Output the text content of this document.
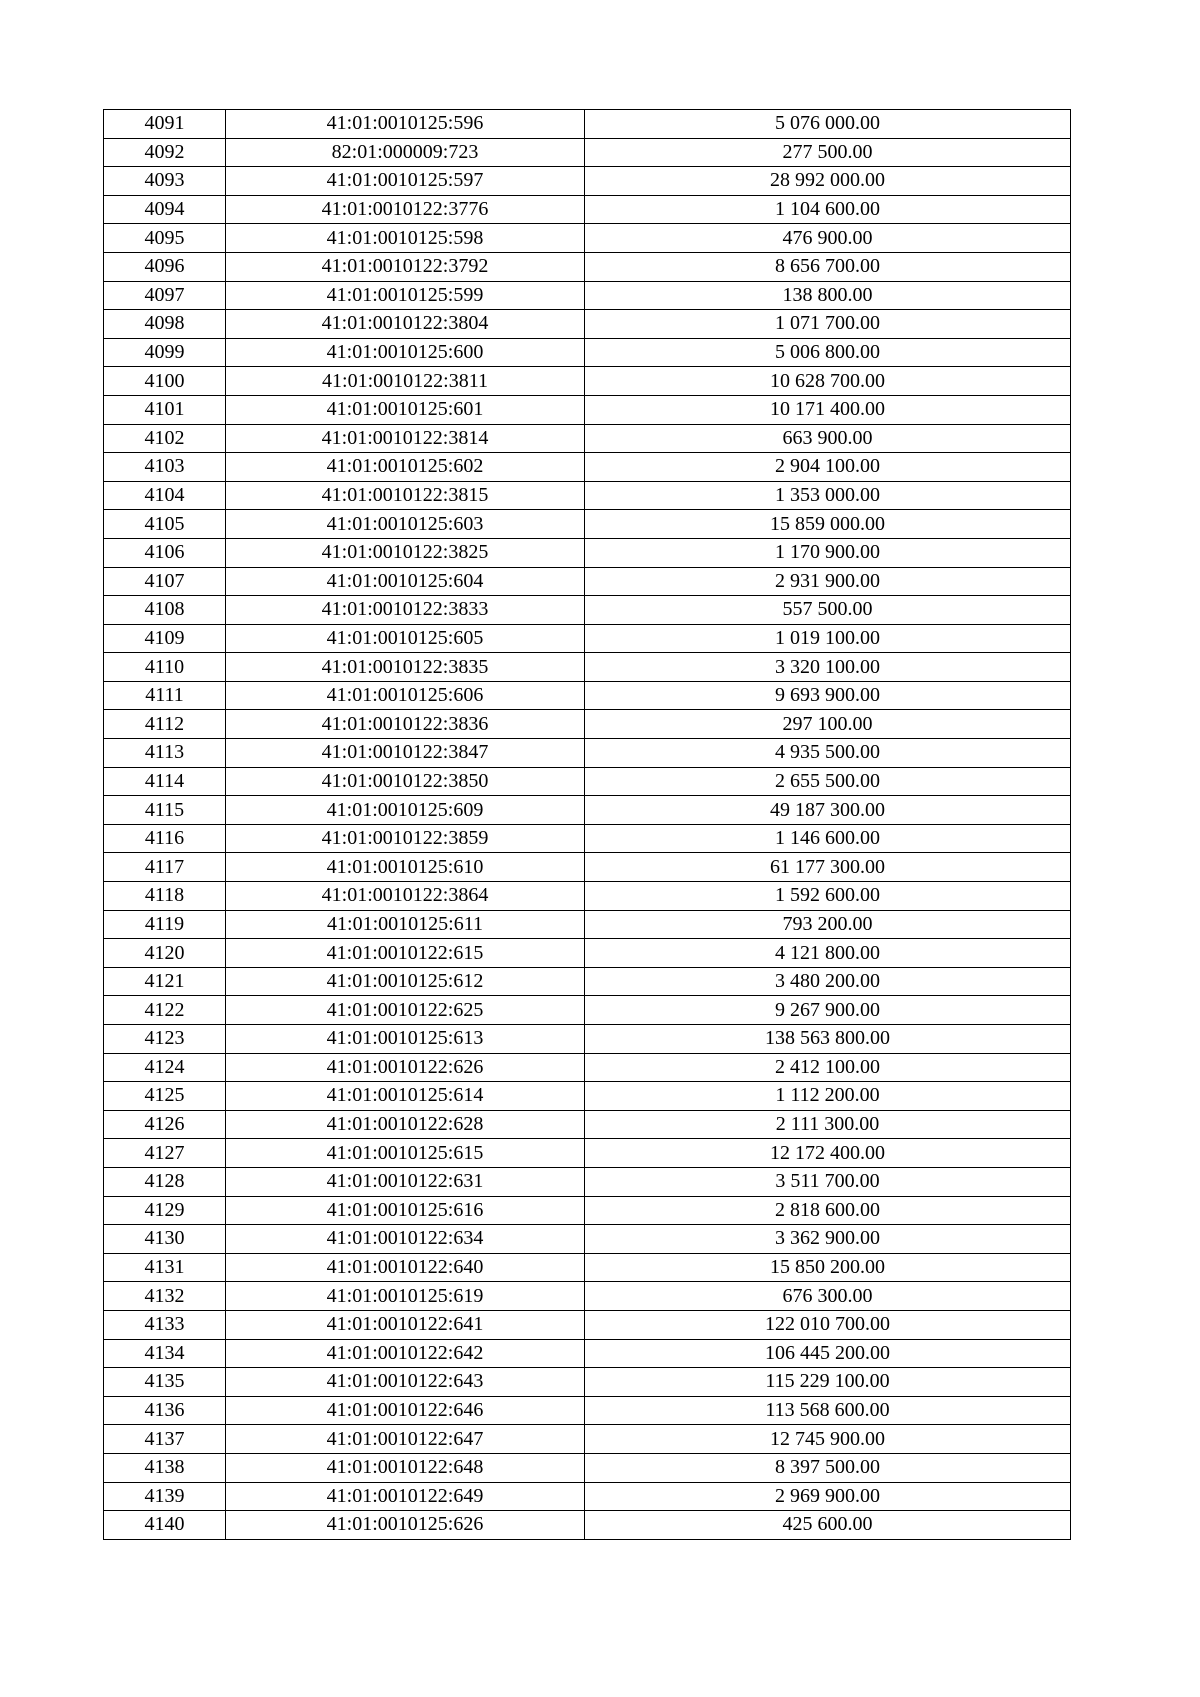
4091	41:01:0010125:596	5 076 000.00
4092	82:01:000009:723	277 500.00
4093	41:01:0010125:597	28 992 000.00
4094	41:01:0010122:3776	1 104 600.00
4095	41:01:0010125:598	476 900.00
4096	41:01:0010122:3792	8 656 700.00
4097	41:01:0010125:599	138 800.00
4098	41:01:0010122:3804	1 071 700.00
4099	41:01:0010125:600	5 006 800.00
4100	41:01:0010122:3811	10 628 700.00
4101	41:01:0010125:601	10 171 400.00
4102	41:01:0010122:3814	663 900.00
4103	41:01:0010125:602	2 904 100.00
4104	41:01:0010122:3815	1 353 000.00
4105	41:01:0010125:603	15 859 000.00
4106	41:01:0010122:3825	1 170 900.00
4107	41:01:0010125:604	2 931 900.00
4108	41:01:0010122:3833	557 500.00
4109	41:01:0010125:605	1 019 100.00
4110	41:01:0010122:3835	3 320 100.00
4111	41:01:0010125:606	9 693 900.00
4112	41:01:0010122:3836	297 100.00
4113	41:01:0010122:3847	4 935 500.00
4114	41:01:0010122:3850	2 655 500.00
4115	41:01:0010125:609	49 187 300.00
4116	41:01:0010122:3859	1 146 600.00
4117	41:01:0010125:610	61 177 300.00
4118	41:01:0010122:3864	1 592 600.00
4119	41:01:0010125:611	793 200.00
4120	41:01:0010122:615	4 121 800.00
4121	41:01:0010125:612	3 480 200.00
4122	41:01:0010122:625	9 267 900.00
4123	41:01:0010125:613	138 563 800.00
4124	41:01:0010122:626	2 412 100.00
4125	41:01:0010125:614	1 112 200.00
4126	41:01:0010122:628	2 111 300.00
4127	41:01:0010125:615	12 172 400.00
4128	41:01:0010122:631	3 511 700.00
4129	41:01:0010125:616	2 818 600.00
4130	41:01:0010122:634	3 362 900.00
4131	41:01:0010122:640	15 850 200.00
4132	41:01:0010125:619	676 300.00
4133	41:01:0010122:641	122 010 700.00
4134	41:01:0010122:642	106 445 200.00
4135	41:01:0010122:643	115 229 100.00
4136	41:01:0010122:646	113 568 600.00
4137	41:01:0010122:647	12 745 900.00
4138	41:01:0010122:648	8 397 500.00
4139	41:01:0010122:649	2 969 900.00
4140	41:01:0010125:626	425 600.00
